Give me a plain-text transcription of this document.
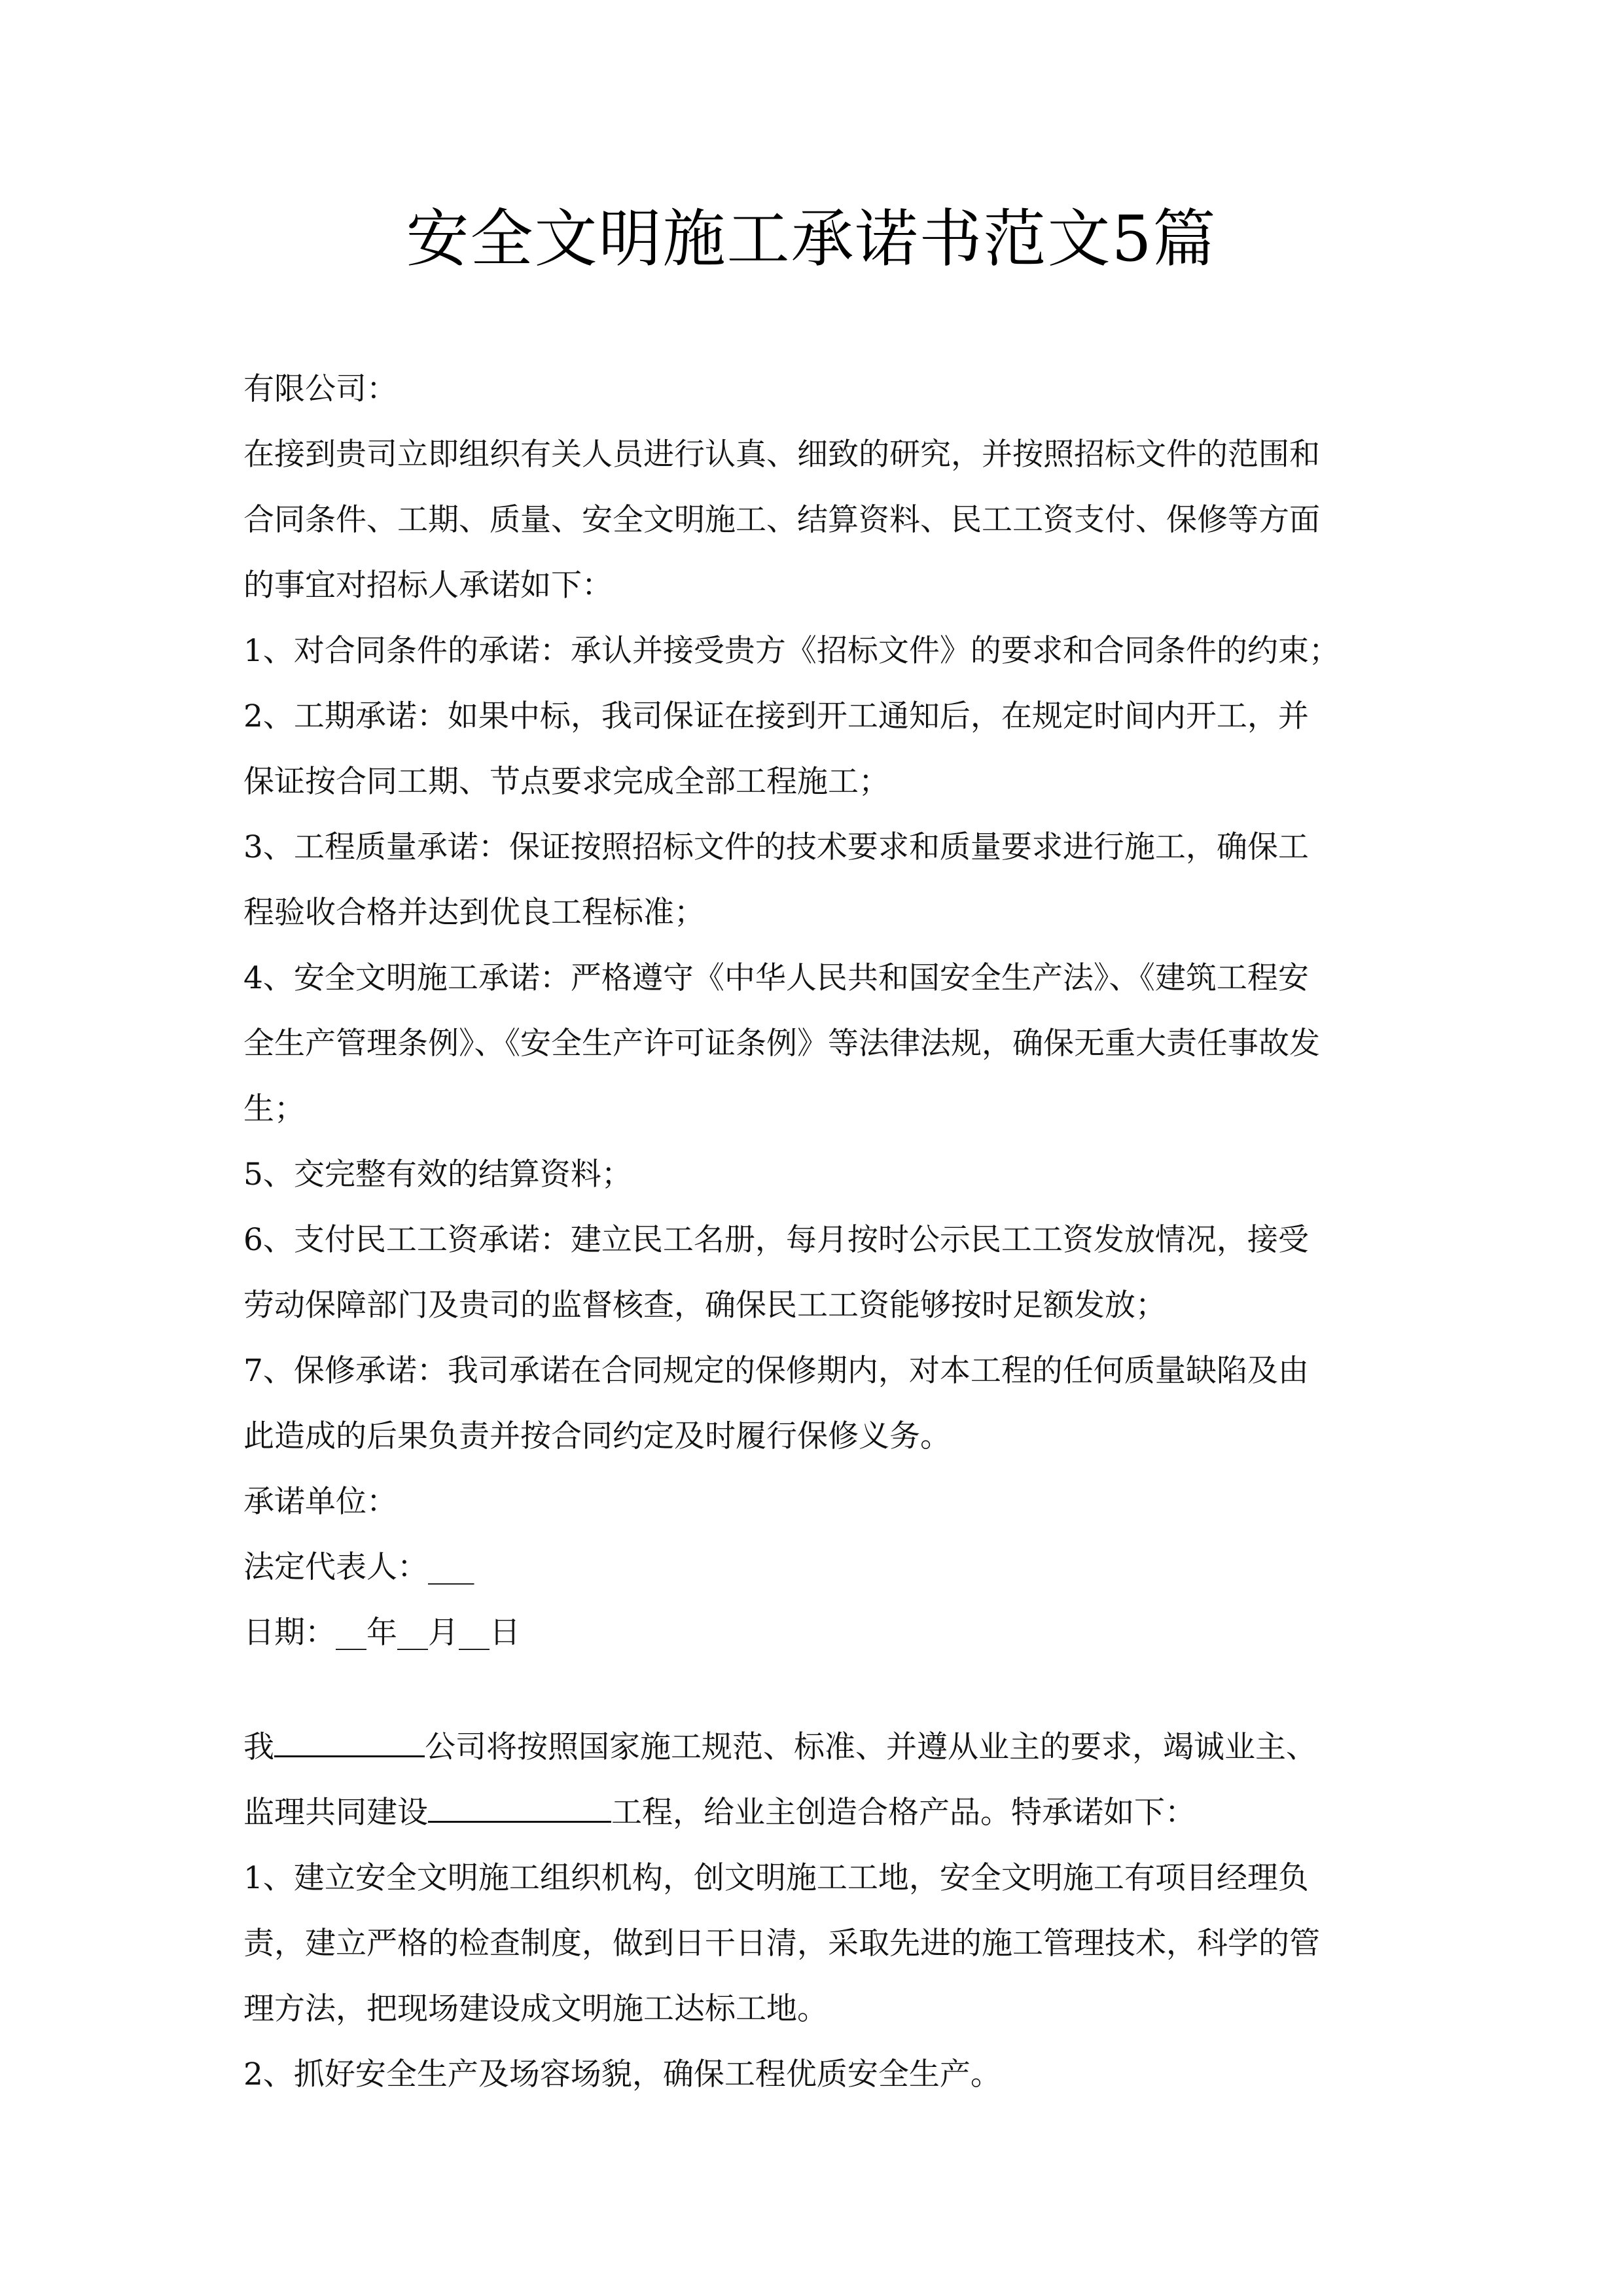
安全文明施工承诺书范文5篇
有限公司：
在接到贵司立即组织有关人员进行认真、细致的研究，并按照招标文件的范围和
合同条件、工期、质量、安全文明施工、结算资料、民工工资支付、保修等方面
的事宜对招标人承诺如下：
1、对合同条件的承诺：承认并接受贵方《招标文件》的要求和合同条件的约束；
2、工期承诺：如果中标，我司保证在接到开工通知后，在规定时间内开工，并
保证按合同工期、节点要求完成全部工程施工；
3、工程质量承诺：保证按照招标文件的技术要求和质量要求进行施工，确保工
程验收合格并达到优良工程标准；
4、安全文明施工承诺：严格遵守《中华人民共和国安全生产法》、《建筑工程安
全生产管理条例》、《安全生产许可证条例》等法律法规，确保无重大责任事故发
生；
5、交完整有效的结算资料；
6、支付民工工资承诺：建立民工名册，每月按时公示民工工资发放情况，接受
劳动保障部门及贵司的监督核查，确保民工工资能够按时足额发放；
7、保修承诺：我司承诺在合同规定的保修期内，对本工程的任何质量缺陷及由
此造成的后果负责并按合同约定及时履行保修义务。
承诺单位：
法定代表人：___
日期：__年__月__日
我	公司将按照国家施工规范、标准、并遵从业主的要求，竭诚业主、
监理共同建设	工程，给业主创造合格产品。特承诺如下：
1、建立安全文明施工组织机构，创文明施工工地，安全文明施工有项目经理负
责，建立严格的检查制度，做到日干日清，采取先进的施工管理技术，科学的管
理方法，把现场建设成文明施工达标工地。
2、抓好安全生产及场容场貌，确保工程优质安全生产。
